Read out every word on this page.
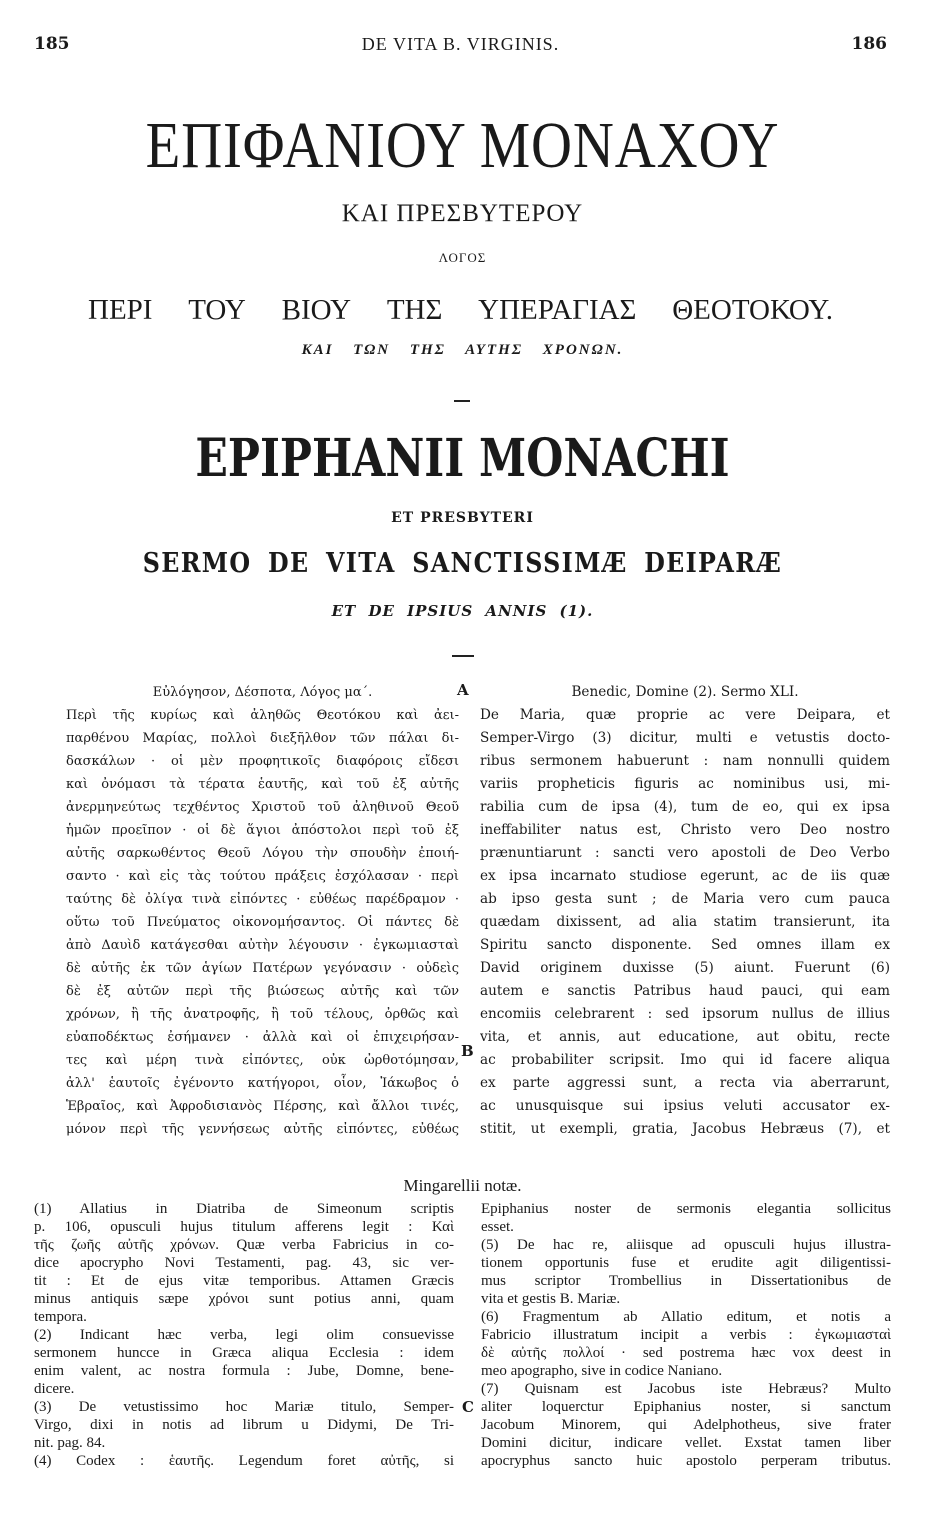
185	DE VITA B. VIRGINIS.	186
ΕΠΙΦΑΝΙΟΥ ΜΟΝΑΧΟΥ
ΚΑΙ ΠΡΕΣΒΥΤΕΡΟΥ
ΛΟΓΟΣ
ΠΕΡΙ ΤΟΥ ΒΙΟΥ ΤΗΣ ΥΠΕΡΑΓΙΑΣ ΘΕΟΤΟΚΟΥ.
ΚΑΙ ΤΩΝ ΤΗΣ ΑΥΤΗΣ ΧΡΟΝΩΝ.
EPIPHANII MONACHI
ET PRESBYTERI
SERMO DE VITA SANCTISSIMÆ DEIPARÆ
ET DE IPSIUS ANNIS (1).
Εὐλόγησον, Δέσποτα, Λόγος μα΄.
Περὶ τῆς κυρίως καὶ ἀληθῶς Θεοτόκου καὶ ἀει-
παρθένου Μαρίας, πολλοὶ διεξῆλθον τῶν πάλαι δι-
δασκάλων · οἱ μὲν προφητικοῖς διαφόροις εἴδεσι
καὶ ὀνόμασι τὰ τέρατα ἑαυτῆς, καὶ τοῦ ἐξ αὐτῆς
ἀνερμηνεύτως τεχθέντος Χριστοῦ τοῦ ἀληθινοῦ Θεοῦ
ἡμῶν προεῖπον · οἱ δὲ ἅγιοι ἀπόστολοι περὶ τοῦ ἐξ
αὐτῆς σαρκωθέντος Θεοῦ Λόγου τὴν σπουδὴν ἐποιή-
σαντο · καὶ εἰς τὰς τούτου πράξεις ἐσχόλασαν · περὶ
ταύτης δὲ ὀλίγα τινὰ εἰπόντες · εὐθέως παρέδραμον ·
οὕτω τοῦ Πνεύματος οἰκονομήσαντος. Οἱ πάντες δὲ
ἀπὸ Δαυὶδ κατάγεσθαι αὐτὴν λέγουσιν · ἐγκωμιασταὶ
δὲ αὐτῆς ἐκ τῶν ἁγίων Πατέρων γεγόνασιν · οὐδεὶς
δὲ ἐξ αὐτῶν περὶ τῆς βιώσεως αὐτῆς καὶ τῶν
χρόνων, ἢ τῆς ἀνατροφῆς, ἢ τοῦ τέλους, ὀρθῶς καὶ
εὐαποδέκτως ἐσήμανεν · ἀλλὰ καὶ οἱ ἐπιχειρήσαν-
τες καὶ μέρη τινὰ εἰπόντες, οὐκ ὠρθοτόμησαν,
ἀλλ' ἑαυτοῖς ἐγένοντο κατήγοροι, οἷον, Ἰάκωβος ὁ
Ἑβραῖος, καὶ Ἀφροδισιανὸς Πέρσης, καὶ ἄλλοι τινές,
μόνον περὶ τῆς γεννήσεως αὐτῆς εἰπόντες, εὐθέως
Benedic, Domine (2). Sermo XLI.
De Maria, quæ proprie ac vere Deipara, et
Semper-Virgo (3) dicitur, multi e vetustis docto-
ribus sermonem habuerunt : nam nonnulli quidem
variis propheticis figuris ac nominibus usi, mi-
rabilia cum de ipsa (4), tum de eo, qui ex ipsa
ineffabiliter natus est, Christo vero Deo nostro
prænuntiarunt : sancti vero apostoli de Deo Verbo
ex ipsa incarnato studiose egerunt, ac de iis quæ
ab ipso gesta sunt ; de Maria vero cum pauca
quædam dixissent, ad alia statim transierunt, ita
Spiritu sancto disponente. Sed omnes illam ex
David originem duxisse (5) aiunt. Fuerunt (6)
autem e sanctis Patribus haud pauci, qui eam
encomiis celebrarent : sed ipsorum nullus de illius
vita, et annis, aut educatione, aut obitu, recte
ac probabiliter scripsit. Imo qui id facere aliqua
ex parte aggressi sunt, a recta via aberrarunt,
ac unusquisque sui ipsius veluti accusator ex-
stitit, ut exempli, gratia, Jacobus Hebræus (7), et
A
B
C
Mingarellii notæ.
(1) Allatius in Diatriba de Simeonum scriptis
p. 106, opusculi hujus titulum afferens legit : Καὶ
τῆς ζωῆς αὐτῆς χρόνων. Quæ verba Fabricius in co-
dice apocrypho Novi Testamenti, pag. 43, sic ver-
tit : Et de ejus vitæ temporibus. Attamen Græcis
minus antiquis sæpe χρόνοι sunt potius anni, quam
tempora.
(2) Indicant hæc verba, legi olim consuevisse
sermonem huncce in Græca aliqua Ecclesia : idem
enim valent, ac nostra formula : Jube, Domne, bene-
dicere.
(3) De vetustissimo hoc Mariæ titulo, Semper-
Virgo, dixi in notis ad librum u Didymi, De Tri-
nit. pag. 84.
(4) Codex : ἑαυτῆς. Legendum foret αὐτῆς, si
Epiphanius noster de sermonis elegantia sollicitus
esset.
(5) De hac re, aliisque ad opusculi hujus illustra-
tionem opportunis fuse et erudite agit diligentissi-
mus scriptor Trombellius in Dissertationibus de
vita et gestis B. Mariæ.
(6) Fragmentum ab Allatio editum, et notis a
Fabricio illustratum incipit a verbis : ἐγκωμιασταὶ
δὲ αὐτῆς πολλοί · sed postrema hæc vox deest in
meo apographo, sive in codice Naniano.
(7) Quisnam est Jacobus iste Hebræus? Multo
aliter loquerctur Epiphanius noster, si sanctum
Jacobum Minorem, qui Adelphotheus, sive frater
Domini dicitur, indicare vellet. Exstat tamen liber
apocryphus sancto huic apostolo perperam tributus.
